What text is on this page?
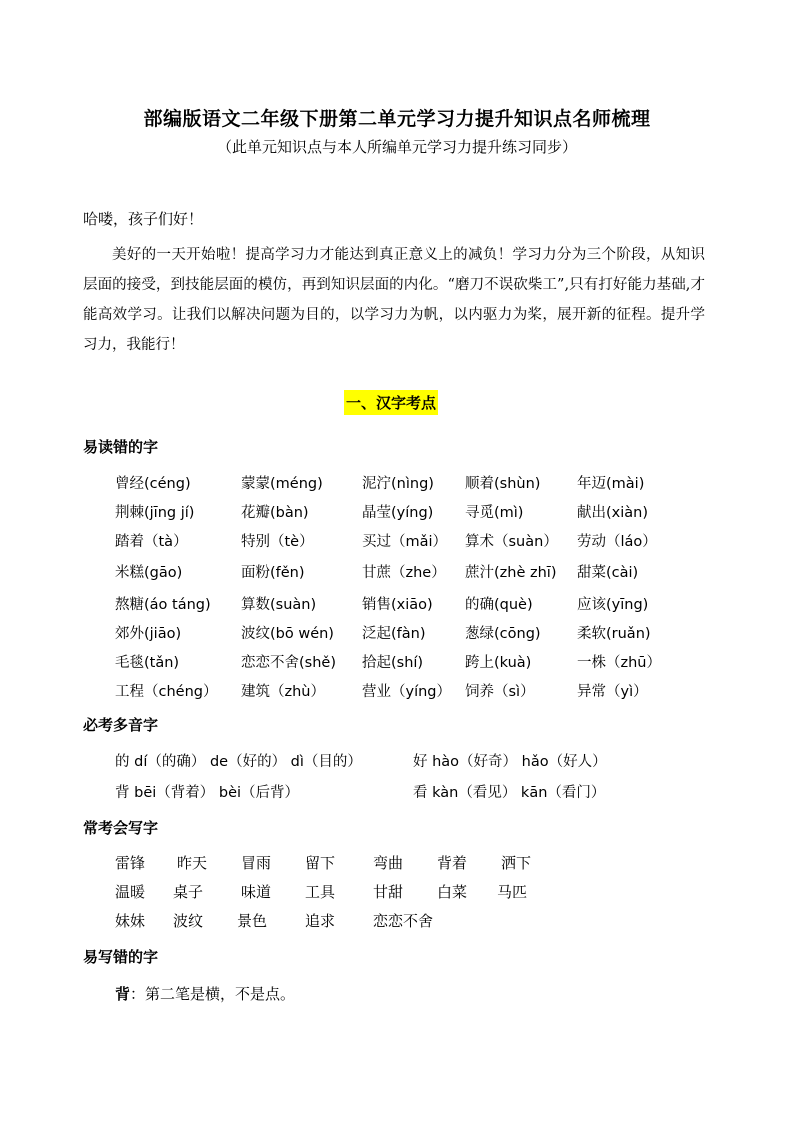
部编版语文二年级下册第二单元学习力提升知识点名师梳理
（此单元知识点与本人所编单元学习力提升练习同步）
哈喽，孩子们好！
美好的一天开始啦！提高学习力才能达到真正意义上的减负！学习力分为三个阶段，从知识层面的接受，到技能层面的模仿，再到知识层面的内化。“磨刀不误砍柴工”,只有打好能力基础,才能高效学习。让我们以解决问题为目的，以学习力为帆，以内驱力为桨，展开新的征程。提升学习力，我能行！
一、汉字考点
易读错的字
曾经(céng)	蒙蒙(méng)	泥泞(nìng) 顺着(shùn)	年迈(mài)
荆棘(jīng jí)	花瓣(bàn)	晶莹(yíng) 寻觅(mì)	献出(xiàn)
踏着（tà）	特别（tè）	买过（mǎi） 算术（suàn） 劳动（láo）
米糕(gāo)	面粉(fěn)	甘蔗（zhe） 蔗汁(zhè zhī) 甜菜(cài)
熬糖(áo táng) 算数(suàn)	销售(xiāo) 的确(què)	应该(yīng)
郊外(jiāo)	波纹(bō wén) 泛起(fàn)	葱绿(cōng)	柔软(ruǎn)
毛毯(tǎn)	恋恋不舍(shě) 拾起(shí)	跨上(kuà)	一株（zhū）
工程（chéng） 建筑（zhù）	营业（yíng） 饲养（sì）	异常（yì）
必考多音字
的 dí（的确） de（好的） dì（目的）	好 hào（好奇） hǎo（好人）
背 bēi（背着） bèi（后背）	看 kàn（看见） kān（看门）
常考会写字
雷锋 昨天 冒雨 留下	弯曲 背着 洒下
温暖 桌子	味道 工具	甘甜 白菜 马匹
妹妹 波纹 景色	追求	恋恋不舍
易写错的字
背：第二笔是横，不是点。
